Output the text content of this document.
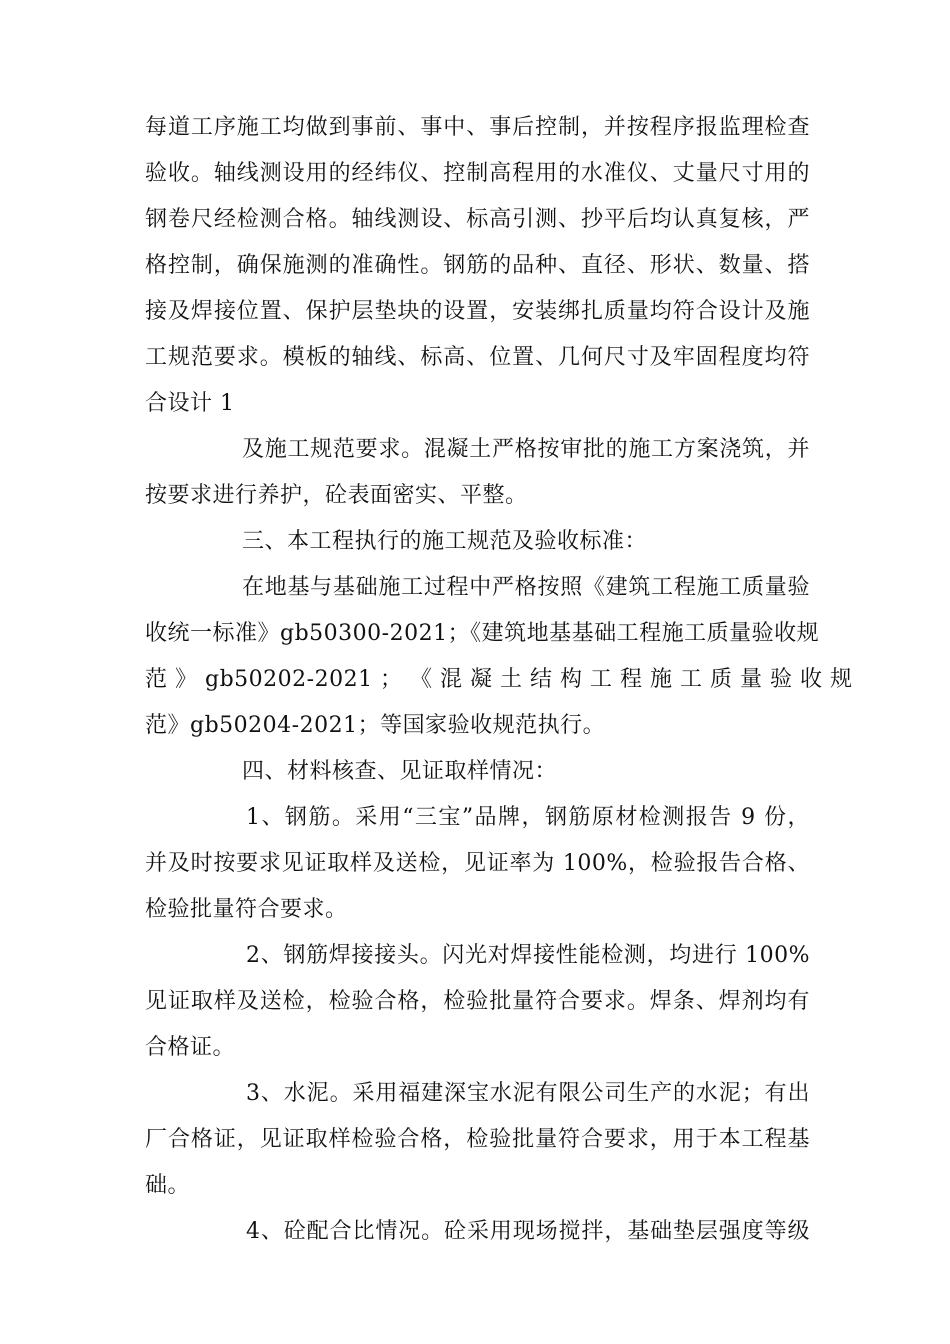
每道工序施工均做到事前、事中、事后控制，并按程序报监理检查
验收。轴线测设用的经纬仪、控制高程用的水准仪、丈量尺寸用的
钢卷尺经检测合格。轴线测设、标高引测、抄平后均认真复核，严
格控制，确保施测的准确性。钢筋的品种、直径、形状、数量、搭
接及焊接位置、保护层垫块的设置，安装绑扎质量均符合设计及施
工规范要求。模板的轴线、标高、位置、几何尺寸及牢固程度均符
合设计 1
及施工规范要求。混凝土严格按审批的施工方案浇筑，并
按要求进行养护，砼表面密实、平整。
三、本工程执行的施工规范及验收标准：
在地基与基础施工过程中严格按照《建筑工程施工质量验
收统一标准》gb50300-2021；《建筑地基基础工程施工质量验收规
范 》 gb50202-2021 ； 《 混 凝 土 结 构 工 程 施 工 质 量 验 收 规
范》gb50204-2021；等国家验收规范执行。
四、材料核查、见证取样情况：
1、钢筋。采用“三宝”品牌，钢筋原材检测报告 9 份，
并及时按要求见证取样及送检，见证率为 100%，检验报告合格、
检验批量符合要求。
2、钢筋焊接接头。闪光对焊接性能检测，均进行 100%
见证取样及送检，检验合格，检验批量符合要求。焊条、焊剂均有
合格证。
3、水泥。采用福建深宝水泥有限公司生产的水泥；有出
厂合格证，见证取样检验合格，检验批量符合要求，用于本工程基
础。
4、砼配合比情况。砼采用现场搅拌，基础垫层强度等级
